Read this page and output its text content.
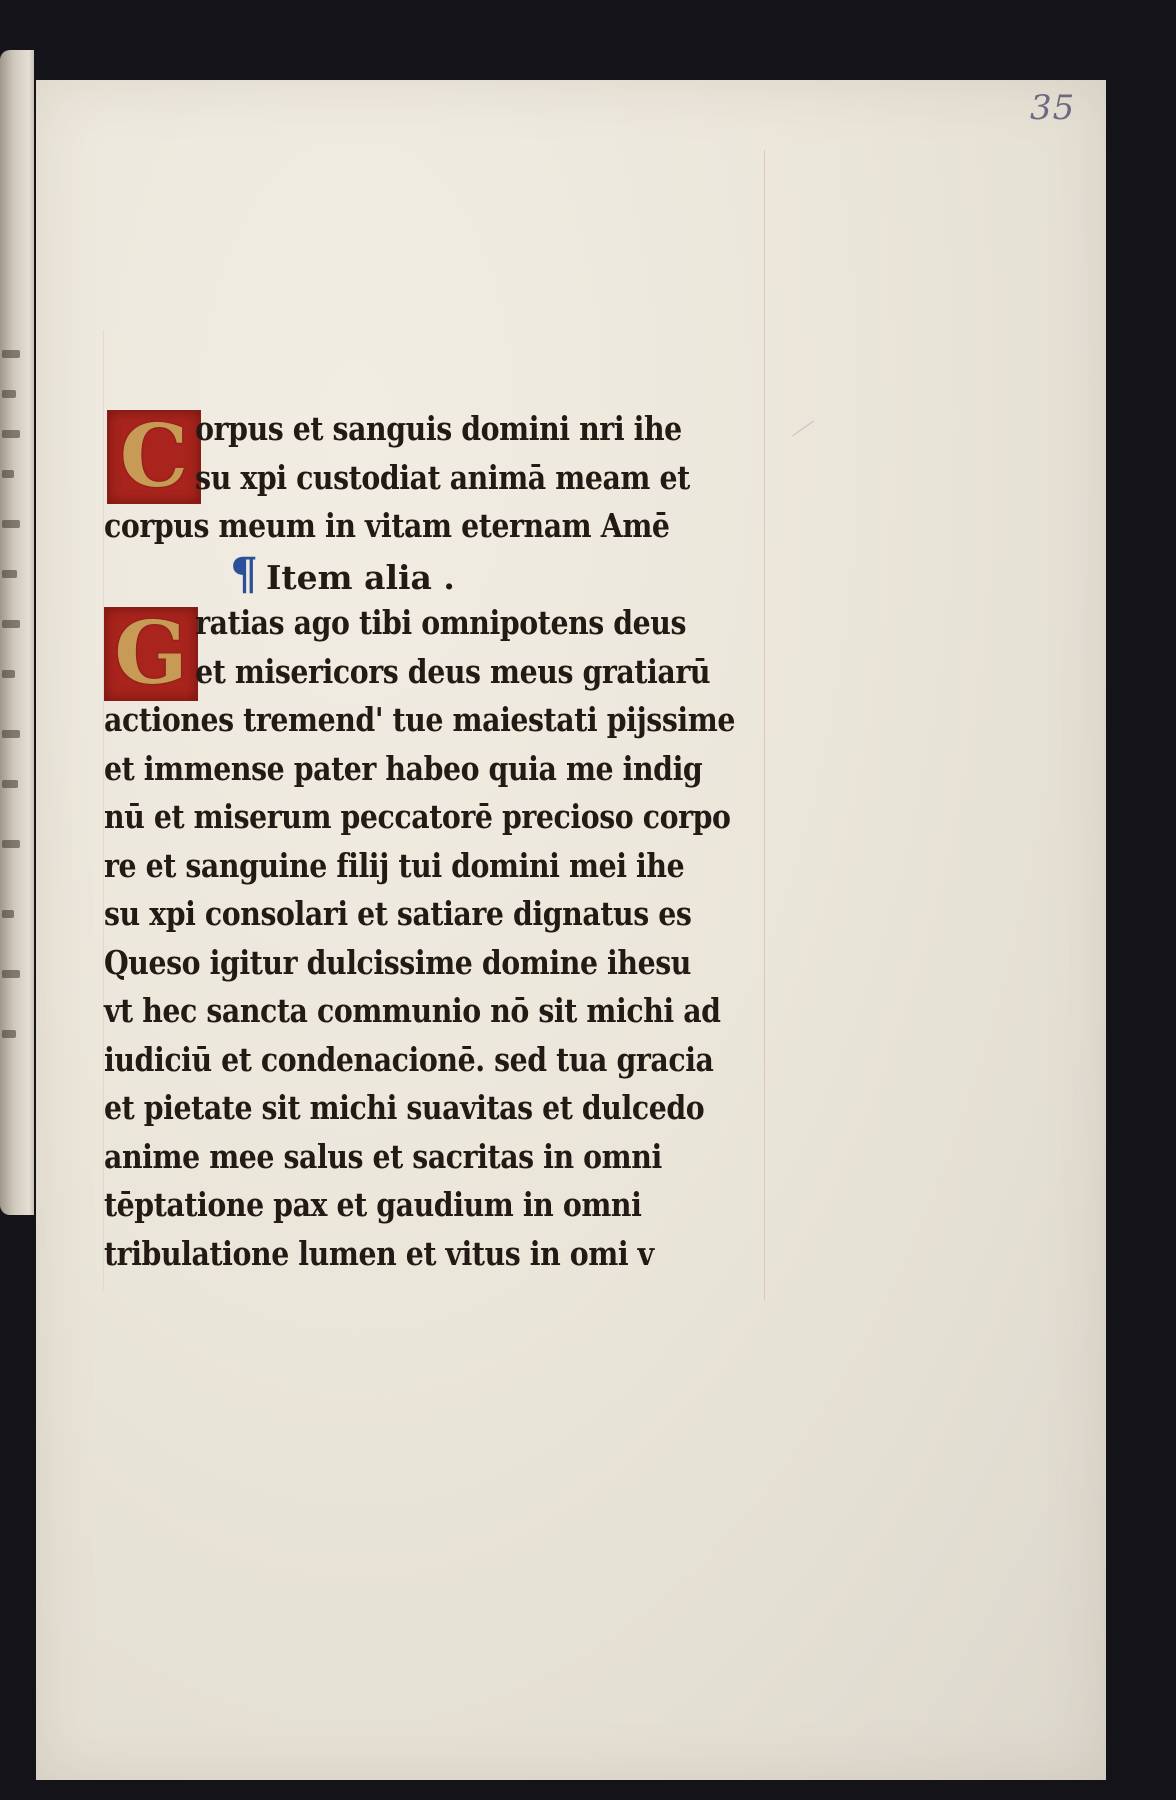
35
C
G
orpus et sanguis domini nri ihe
su xpi custodiat animā meam et
corpus meum in vitam eternam Amē
¶ Item alia .
ratias ago tibi omnipotens deus
et misericors deus meus gratiarū
actiones tremend' tue maiestati pijssime
et immense pater habeo quia me indig
nū et miserum peccatorē precioso corpo
re et sanguine filij tui domini mei ihe
su xpi consolari et satiare dignatus es
Queso igitur dulcissime domine ihesu
vt hec sancta communio nō sit michi ad
iudiciū et condenacionē. sed tua gracia
et pietate sit michi suavitas et dulcedo
anime mee salus et sacritas in omni
tēptatione pax et gaudium in omni
tribulatione lumen et vitus in omi v
